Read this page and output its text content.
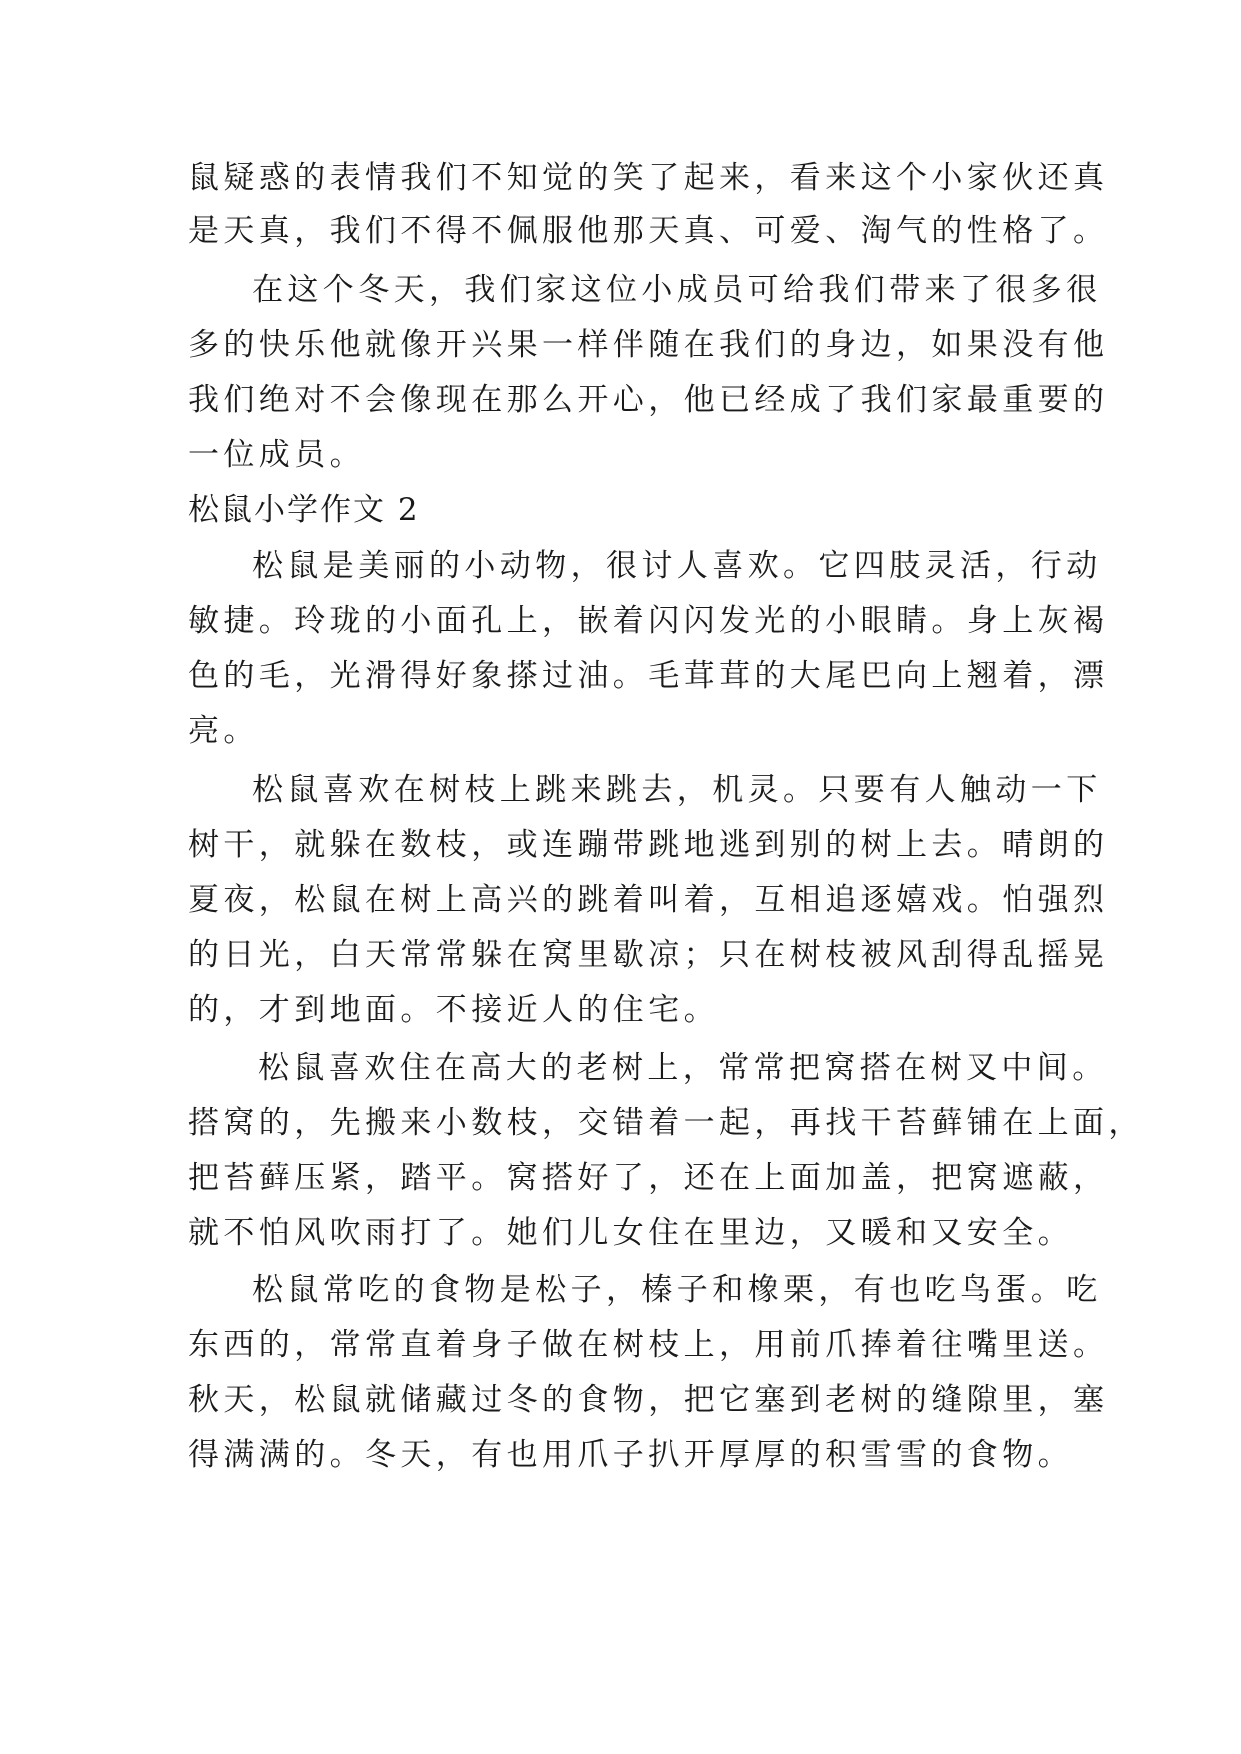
鼠疑惑的表情我们不知觉的笑了起来，看来这个小家伙还真
是天真，我们不得不佩服他那天真、可爱、淘气的性格了。
在这个冬天，我们家这位小成员可给我们带来了很多很
多的快乐他就像开兴果一样伴随在我们的身边，如果没有他
我们绝对不会像现在那么开心，他已经成了我们家最重要的
一位成员。
松鼠小学作文 2
松鼠是美丽的小动物，很讨人喜欢。它四肢灵活，行动
敏捷。玲珑的小面孔上，嵌着闪闪发光的小眼睛。身上灰褐
色的毛，光滑得好象搽过油。毛茸茸的大尾巴向上翘着，漂
亮。
松鼠喜欢在树枝上跳来跳去，机灵。只要有人触动一下
树干，就躲在数枝，或连蹦带跳地逃到别的树上去。晴朗的
夏夜，松鼠在树上高兴的跳着叫着，互相追逐嬉戏。怕强烈
的日光，白天常常躲在窝里歇凉；只在树枝被风刮得乱摇晃
的，才到地面。不接近人的住宅。
松鼠喜欢住在高大的老树上，常常把窝搭在树叉中间。
搭窝的，先搬来小数枝，交错着一起，再找干苔藓铺在上面，
把苔藓压紧，踏平。窝搭好了，还在上面加盖，把窝遮蔽，
就不怕风吹雨打了。她们儿女住在里边，又暖和又安全。
松鼠常吃的食物是松子，榛子和橡栗，有也吃鸟蛋。吃
东西的，常常直着身子做在树枝上，用前爪捧着往嘴里送。
秋天，松鼠就储藏过冬的食物，把它塞到老树的缝隙里，塞
得满满的。冬天，有也用爪子扒开厚厚的积雪雪的食物。
